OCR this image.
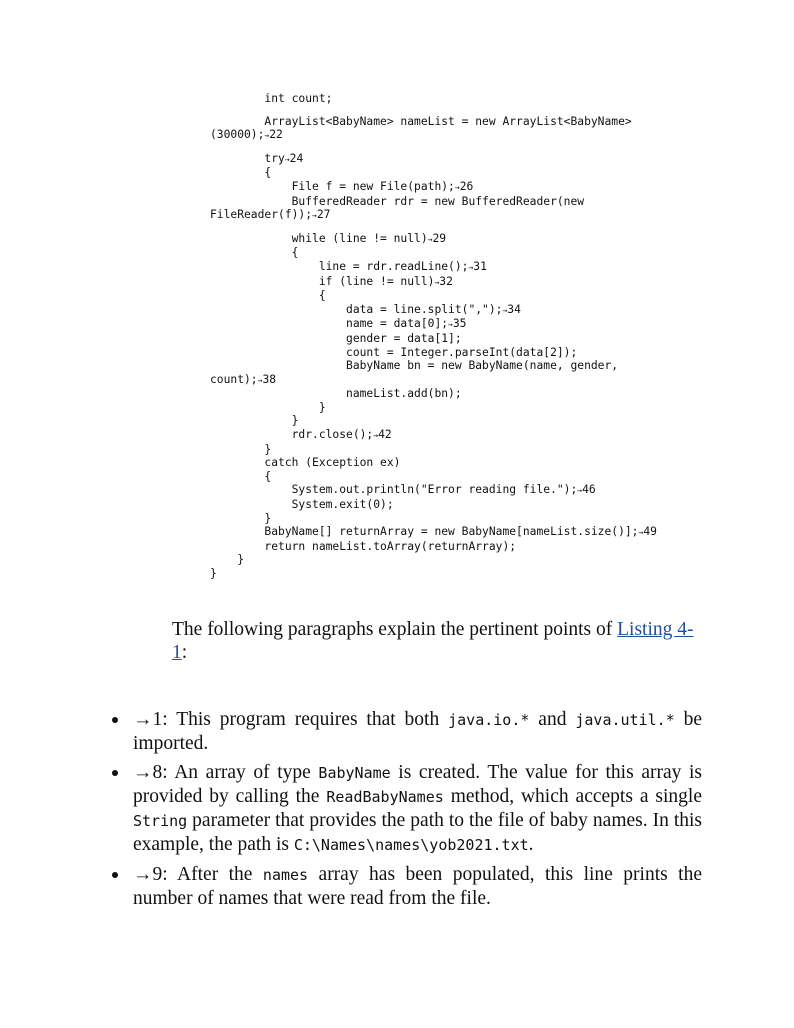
int count;
ArrayList<BabyName> nameList = new ArrayList<BabyName>
(30000);→22
try→24
{
File f = new File(path);→26
BufferedReader rdr = new BufferedReader(new
FileReader(f));→27
while (line != null)→29
{
line = rdr.readLine();→31
if (line != null)→32
{
data = line.split(",");→34
name = data[0];→35
gender = data[1];
count = Integer.parseInt(data[2]);
BabyName bn = new BabyName(name, gender,
count);→38
nameList.add(bn);
}
}
rdr.close();→42
}
catch (Exception ex)
{
System.out.println("Error reading file.");→46
System.exit(0);
}
BabyName[] returnArray = new BabyName[nameList.size()];→49
return nameList.toArray(returnArray);
}
}
The following paragraphs explain the pertinent points of Listing 4-1:
→1: This program requires that both java.io.* and java.util.* be imported.
→8: An array of type BabyName is created. The value for this array is provided by calling the ReadBabyNames method, which accepts a single String parameter that provides the path to the file of baby names. In this example, the path is C:\Names\names\yob2021.txt.
→9: After the names array has been populated, this line prints the number of names that were read from the file.
